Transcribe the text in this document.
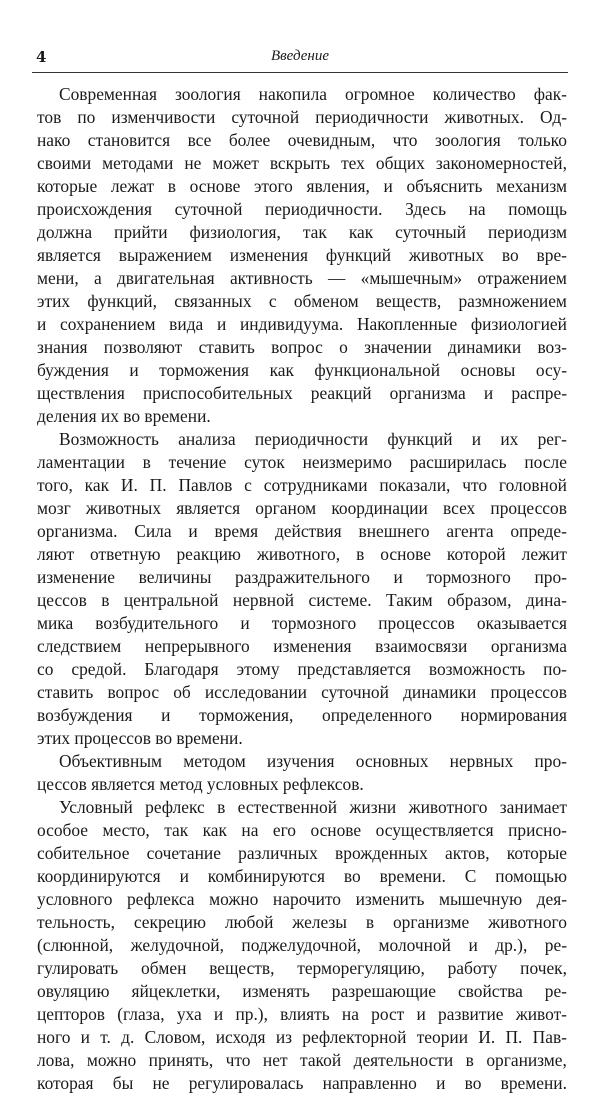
4	Введение
Современная зоология накопила огромное количество фак-
тов по изменчивости суточной периодичности животных. Од-
нако становится все более очевидным, что зоология только
своими методами не может вскрыть тех общих закономерностей,
которые лежат в основе этого явления, и объяснить механизм
происхождения суточной периодичности. Здесь на помощь
должна прийти физиология, так как суточный периодизм
является выражением изменения функций животных во вре-
мени, а двигательная активность — «мышечным» отражением
этих функций, связанных с обменом веществ, размножением
и сохранением вида и индивидуума. Накопленные физиологией
знания позволяют ставить вопрос о значении динамики воз-
буждения и торможения как функциональной основы осу-
ществления приспособительных реакций организма и распре-
деления их во времени.
Возможность анализа периодичности функций и их рег-
ламентации в течение суток неизмеримо расширилась после
того, как И. П. Павлов с сотрудниками показали, что головной
мозг животных является органом координации всех процессов
организма. Сила и время действия внешнего агента опреде-
ляют ответную реакцию животного, в основе которой лежит
изменение величины раздражительного и тормозного про-
цессов в центральной нервной системе. Таким образом, дина-
мика возбудительного и тормозного процессов оказывается
следствием непрерывного изменения взаимосвязи организма
со средой. Благодаря этому представляется возможность по-
ставить вопрос об исследовании суточной динамики процессов
возбуждения и торможения, определенного нормирования
этих процессов во времени.
Объективным методом изучения основных нервных про-
цессов является метод условных рефлексов.
Условный рефлекс в естественной жизни животного занимает
особое место, так как на его основе осуществляется присно-
собительное сочетание различных врожденных актов, которые
координируются и комбинируются во времени. С помощью
условного рефлекса можно нарочито изменить мышечную дея-
тельность, секрецию любой железы в организме животного
(слюнной, желудочной, поджелудочной, молочной и др.), ре-
гулировать обмен веществ, терморегуляцию, работу почек,
овуляцию яйцеклетки, изменять разрешающие свойства ре-
цепторов (глаза, уха и пр.), влиять на рост и развитие живот-
ного и т. д. Словом, исходя из рефлекторной теории И. П. Пав-
лова, можно принять, что нет такой деятельности в организме,
которая бы не регулировалась направленно и во времени.
